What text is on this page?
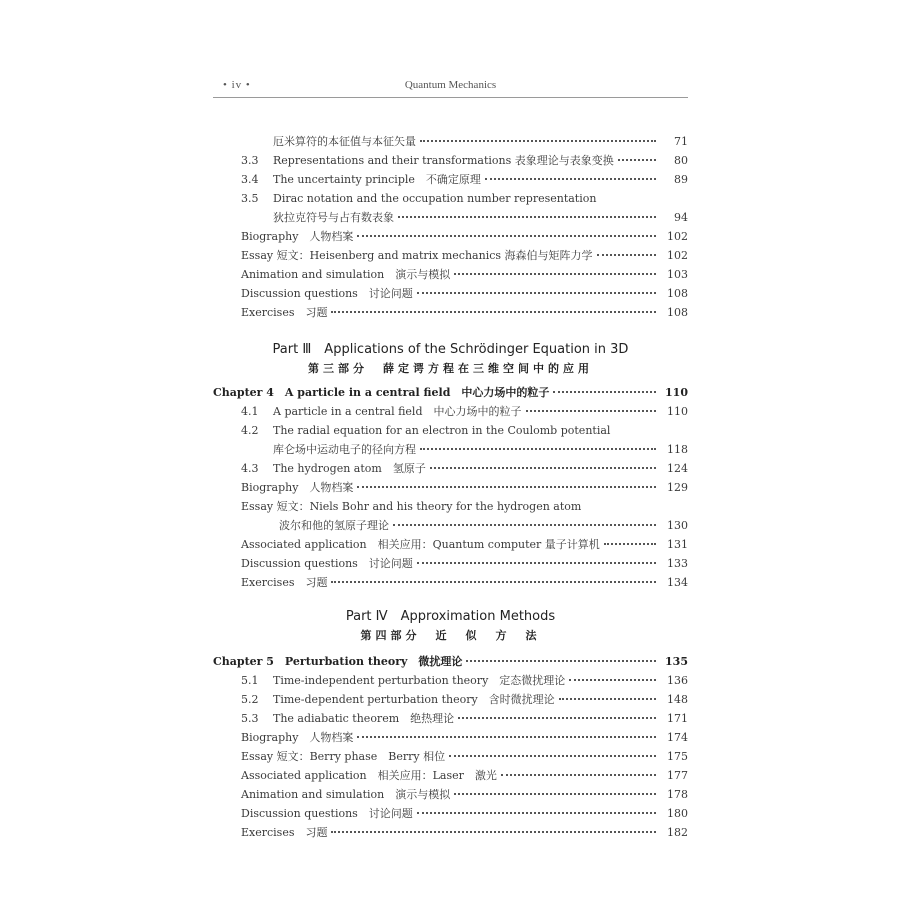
• iv •	Quantum Mechanics
Part Ⅲ　Applications of the Schrödinger Equation in 3D
第三部分　薛定谔方程在三维空间中的应用
Part Ⅳ　Approximation Methods
第四部分　近　似　方　法
厄米算符的本征值与本征矢量	71
3.3	Representations and their transformations 表象理论与表象变换	80
3.4	The uncertainty principle　不确定原理	89
3.5	Dirac notation and the occupation number representation
狄拉克符号与占有数表象	94
Biography　人物档案	102
Essay 短文：Heisenberg and matrix mechanics 海森伯与矩阵力学	102
Animation and simulation　演示与模拟	103
Discussion questions　讨论问题	108
Exercises　习题	108
Chapter 4　A particle in a central field　中心力场中的粒子	110
4.1	A particle in a central field　中心力场中的粒子	110
4.2	The radial equation for an electron in the Coulomb potential
库仑场中运动电子的径向方程	118
4.3	The hydrogen atom　氢原子	124
Biography　人物档案	129
Essay 短文：Niels Bohr and his theory for the hydrogen atom
波尔和他的氢原子理论	130
Associated application　相关应用：Quantum computer 量子计算机	131
Discussion questions　讨论问题	133
Exercises　习题	134
Chapter 5　Perturbation theory　微扰理论	135
5.1	Time-independent perturbation theory　定态微扰理论	136
5.2	Time-dependent perturbation theory　含时微扰理论	148
5.3	The adiabatic theorem　绝热理论	171
Biography　人物档案	174
Essay 短文：Berry phase　Berry 相位	175
Associated application　相关应用：Laser　激光	177
Animation and simulation　演示与模拟	178
Discussion questions　讨论问题	180
Exercises　习题	182
